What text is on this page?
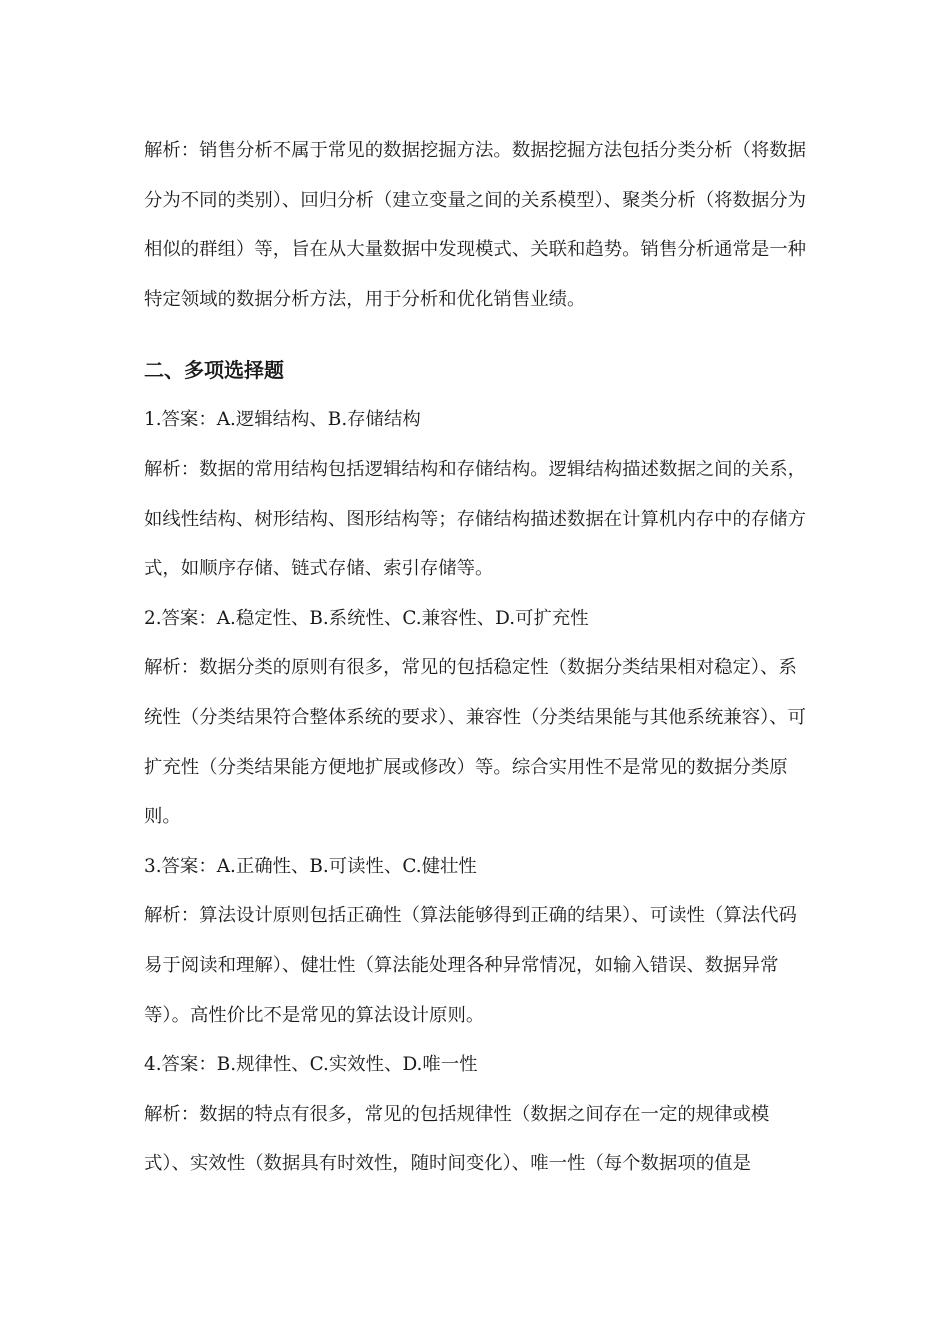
解析：销售分析不属于常见的数据挖掘方法。数据挖掘方法包括分类分析（将数据分为不同的类别）、回归分析（建立变量之间的关系模型）、聚类分析（将数据分为相似的群组）等，旨在从大量数据中发现模式、关联和趋势。销售分析通常是一种特定领域的数据分析方法，用于分析和优化销售业绩。

二、多项选择题

1.答案：A.逻辑结构、B.存储结构

解析：数据的常用结构包括逻辑结构和存储结构。逻辑结构描述数据之间的关系，如线性结构、树形结构、图形结构等；存储结构描述数据在计算机内存中的存储方式，如顺序存储、链式存储、索引存储等。

2.答案：A.稳定性、B.系统性、C.兼容性、D.可扩充性

解析：数据分类的原则有很多，常见的包括稳定性（数据分类结果相对稳定）、系统性（分类结果符合整体系统的要求）、兼容性（分类结果能与其他系统兼容）、可扩充性（分类结果能方便地扩展或修改）等。综合实用性不是常见的数据分类原则。

3.答案：A.正确性、B.可读性、C.健壮性

解析：算法设计原则包括正确性（算法能够得到正确的结果）、可读性（算法代码易于阅读和理解）、健壮性（算法能处理各种异常情况，如输入错误、数据异常等）。高性价比不是常见的算法设计原则。

4.答案：B.规律性、C.实效性、D.唯一性

解析：数据的特点有很多，常见的包括规律性（数据之间存在一定的规律或模式）、实效性（数据具有时效性，随时间变化）、唯一性（每个数据项的值是
